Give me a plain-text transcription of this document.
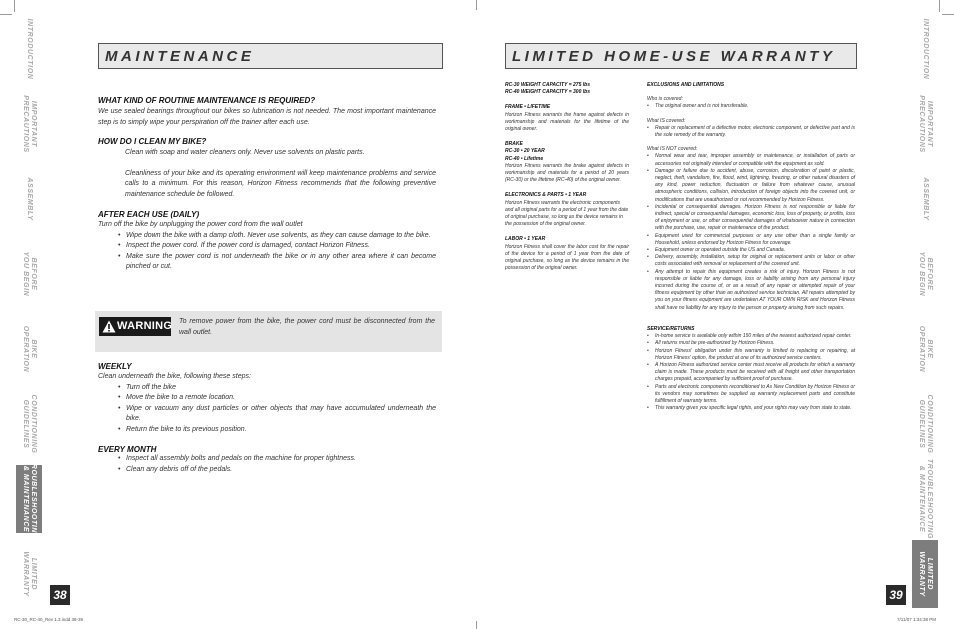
INTRODUCTION
IMPORTANT
PRECAUTIONS
ASSEMBLY
BEFORE
YOU BEGIN
BIKE
OPERATION
CONDITIONING
GUIDELINES
TROUBLESHOOTING
& MAINTENANCE
LIMITED
WARRANTY	38
INTRODUCTION
IMPORTANT
PRECAUTIONS
ASSEMBLY
BEFORE
YOU BEGIN
BIKE
OPERATION
CONDITIONING
GUIDELINES
TROUBLESHOOTING
& MAINTENANCE
LIMITED
WARRANTY
39
MAINTENANCE
WHAT KIND OF ROUTINE MAINTENANCE IS REQUIRED?
We use sealed bearings throughout our bikes so lubrication is not needed. The most important maintenance step is to simply wipe your perspiration off the trainer after each use.
HOW DO I CLEAN MY BIKE?
Clean with soap and water cleaners only. Never use solvents on plastic parts.
Cleanliness of your bike and its operating environment will keep maintenance problems and service calls to a minimum. For this reason, Horizon Fitness recommends that the following preventive maintenance schedule be followed.
AFTER EACH USE (DAILY)
Turn off the bike by unplugging the power cord from the wall outlet
• Wipe down the bike with a damp cloth. Never use solvents, as they can cause damage to the bike.
• Inspect the power cord. If the power cord is damaged, contact Horizon Fitness.
• Make sure the power cord is not underneath the bike or in any other area where it can become pinched or cut.
WARNING To remove power from the bike, the power cord must be disconnected from the wall outlet.
WEEKLY
Clean underneath the bike, following these steps:
• Turn off the bike
• Move the bike to a remote location.
• Wipe or vacuum any dust particles or other objects that may have accumulated underneath the bike.
• Return the bike to its previous position.
EVERY MONTH
• Inspect all assembly bolts and pedals on the machine for proper tightness.
• Clean any debris off of the pedals.
LIMITED HOME-USE WARRANTY
RC-30 WEIGHT CAPACITY = 275 lbs
RC-40 WEIGHT CAPACITY = 300 lbs
FRAME • LIFETIME
Horizon Fitness warrants the frame against defects in workmanship and materials for the lifetime of the original owner.
BRAKE
RC-30 • 20 YEAR
RC-40 • Lifetime
Horizon Fitness warrants the brake against defects in workmanship and materials for a period of 20 years (RC-30) or the lifetime (RC-40) of the original owner.
ELECTRONICS & PARTS • 1 YEAR
Horizon Fitness warrants the electronic components and all original parts for a period of 1 year from the date of original purchase, so long as the device remains in the possession of the original owner.
LABOR • 1 YEAR
Horizon Fitness shall cover the labor cost for the repair of the device for a period of 1 year from the date of original purchase, so long as the device remains in the possession of the original owner.
EXCLUSIONS AND LIMITATIONS
Who is covered:
• The original owner and is not transferable.
What IS covered:
• Repair or replacement of a defective motor, electronic component, or defective part and is the sole remedy of the warranty.
What IS NOT covered:
• Normal wear and tear, improper assembly or maintenance, or installation of parts or accessories not originally intended or compatible with the equipment as sold.
• Damage or failure due to accident, abuse, corrosion, discoloration of paint or plastic, neglect, theft, vandalism, fire, flood, wind, lightning, freezing, or other natural disasters of any kind, power reduction, fluctuation or failure from whatever cause, unusual atmospheric conditions, collision, introduction of foreign objects into the covered unit, or modifications that are unauthorized or not recommended by Horizon Fitness.
• Incidental or consequential damages. Horizon Fitness is not responsible or liable for indirect, special or consequential damages, economic loss, loss of property, or profits, loss of enjoyment or use, or other consequential damages of whatsoever nature in connection with the purchase, use, repair or maintenance of the product.
• Equipment used for commercial purposes or any use other than a single family or Household, unless endorsed by Horizon Fitness for coverage.
• Equipment owner or operated outside the US and Canada.
• Delivery, assembly, installation, setup for original or replacement units or labor or other costs associated with removal or replacement of the covered unit.
• Any attempt to repair this equipment creates a risk of injury. Horizon Fitness is not responsible or liable for any damage, loss or liability arising from any personal injury incurred during the course of, or as a result of any repair or attempted repair of your fitness equipment by other than an authorized service technician. All repairs attempted by you on your fitness equipment are undertaken AT YOUR OWN RISK and Horizon Fitness shall have no liability for any injury to the person or property arising from such repairs.
SERVICE/RETURNS
• In-home service is available only within 150 miles of the nearest authorized repair center.
• All returns must be pre-authorized by Horizon Fitness.
• Horizon Fitness' obligation under this warranty is limited to replacing or repairing, at Horizon Fitness' option, the product at one of its authorized service centers.
• A Horizon Fitness authorized service center must receive all products for which a warranty claim is made. These products must be received with all freight and other transportation charges prepaid, accompanied by sufficient proof of purchase.
• Parts and electronic components reconditioned to As New Condition by Horizon Fitness or its vendors may sometimes be supplied as warranty replacement parts and constitute fulfillment of warranty terms.
• This warranty gives you specific legal rights, and your rights may vary from state to state.
RC-30_RC-40_Rev 1.3.indd 38-39	7/11/07 1:34:38 PM
